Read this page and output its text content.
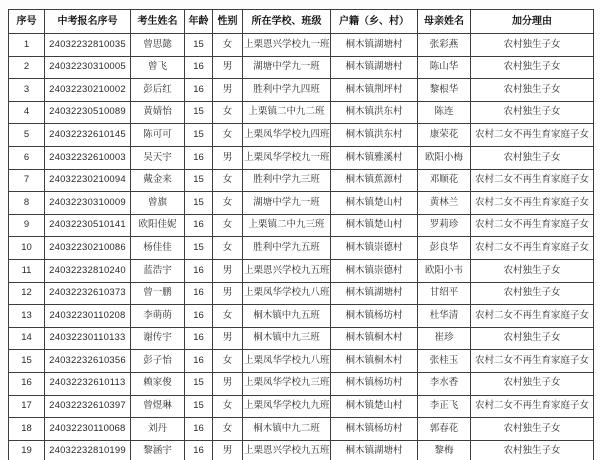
序号	中考报名序号	考生姓名	年龄	性别	所在学校、班级	户籍（乡、村）	母亲姓名	加分理由
1	24032232810035	曾思懿	15	女	上栗恩兴学校九一班	桐木镇湖塘村	张彩燕	农村独生子女
2	24032230310005	曾飞	16	男	湖塘中学九一班	桐木镇湖塘村	陈山华	农村独生子女
3	24032230210002	彭后红	16	男	胜利中学九四班	桐木镇荆坪村	黎根华	农村独生子女
4	24032230510089	黄婧怡	15	女	上栗镇二中九二班	桐木镇洪东村	陈连	农村独生子女
5	24032232610145	陈可可	15	女	上栗凤华学校九四班	桐木镇洪东村	康荣花	农村二女不再生育家庭子女
6	24032232610003	吴天宇	16	男	上栗凤华学校九一班	桐木镇雅溪村	欧阳小梅	农村独生子女
7	24032230210094	戴金来	15	女	胜利中学九三班	桐木镇蕉源村	邓顺花	农村二女不再生育家庭子女
8	24032230310009	曾旗	15	女	湖塘中学九一班	桐木镇楚山村	黄林兰	农村二女不再生育家庭子女
9	24032230510141	欧阳佳妮	16	女	上栗镇二中九三班	桐木镇楚山村	罗莉珍	农村二女不再生育家庭子女
10	24032230210086	杨佳佳	15	女	胜利中学九五班	桐木镇崇德村	彭良华	农村二女不再生育家庭子女
11	24032232810240	蓝浩宇	16	男	上栗恩兴学校九五班	桐木镇崇德村	欧阳小韦	农村独生子女
12	24032232610373	曾一鹏	16	男	上栗凤华学校九八班	桐木镇湖塘村	甘绍平	农村独生子女
13	24032230110208	李萌萌	16	女	桐木镇中九五班	桐木镇杨坊村	杜华清	农村二女不再生育家庭子女
14	24032230110133	谢传宇	16	男	桐木镇中九三班	桐木镇桐木村	崔珍	农村独生子女
15	24032232610356	彭子怡	16	女	上栗凤华学校九八班	桐木镇桐木村	张桂玉	农村二女不再生育家庭子女
16	24032232610113	赖家俊	15	男	上栗凤华学校九三班	桐木镇杨坊村	李水香	农村独生子女
17	24032232610397	曾煜琳	15	女	上栗凤华学校九九班	桐木镇楚山村	李正飞	农村二女不再生育家庭子女
18	24032230110068	刘丹	16	女	桐木镇中九二班	桐木镇杨坊村	郭春花	农村独生子女
19	24032232810199	黎涵宇	16	男	上栗恩兴学校九五班	桐木镇湖塘村	黎梅	农村独生子女
